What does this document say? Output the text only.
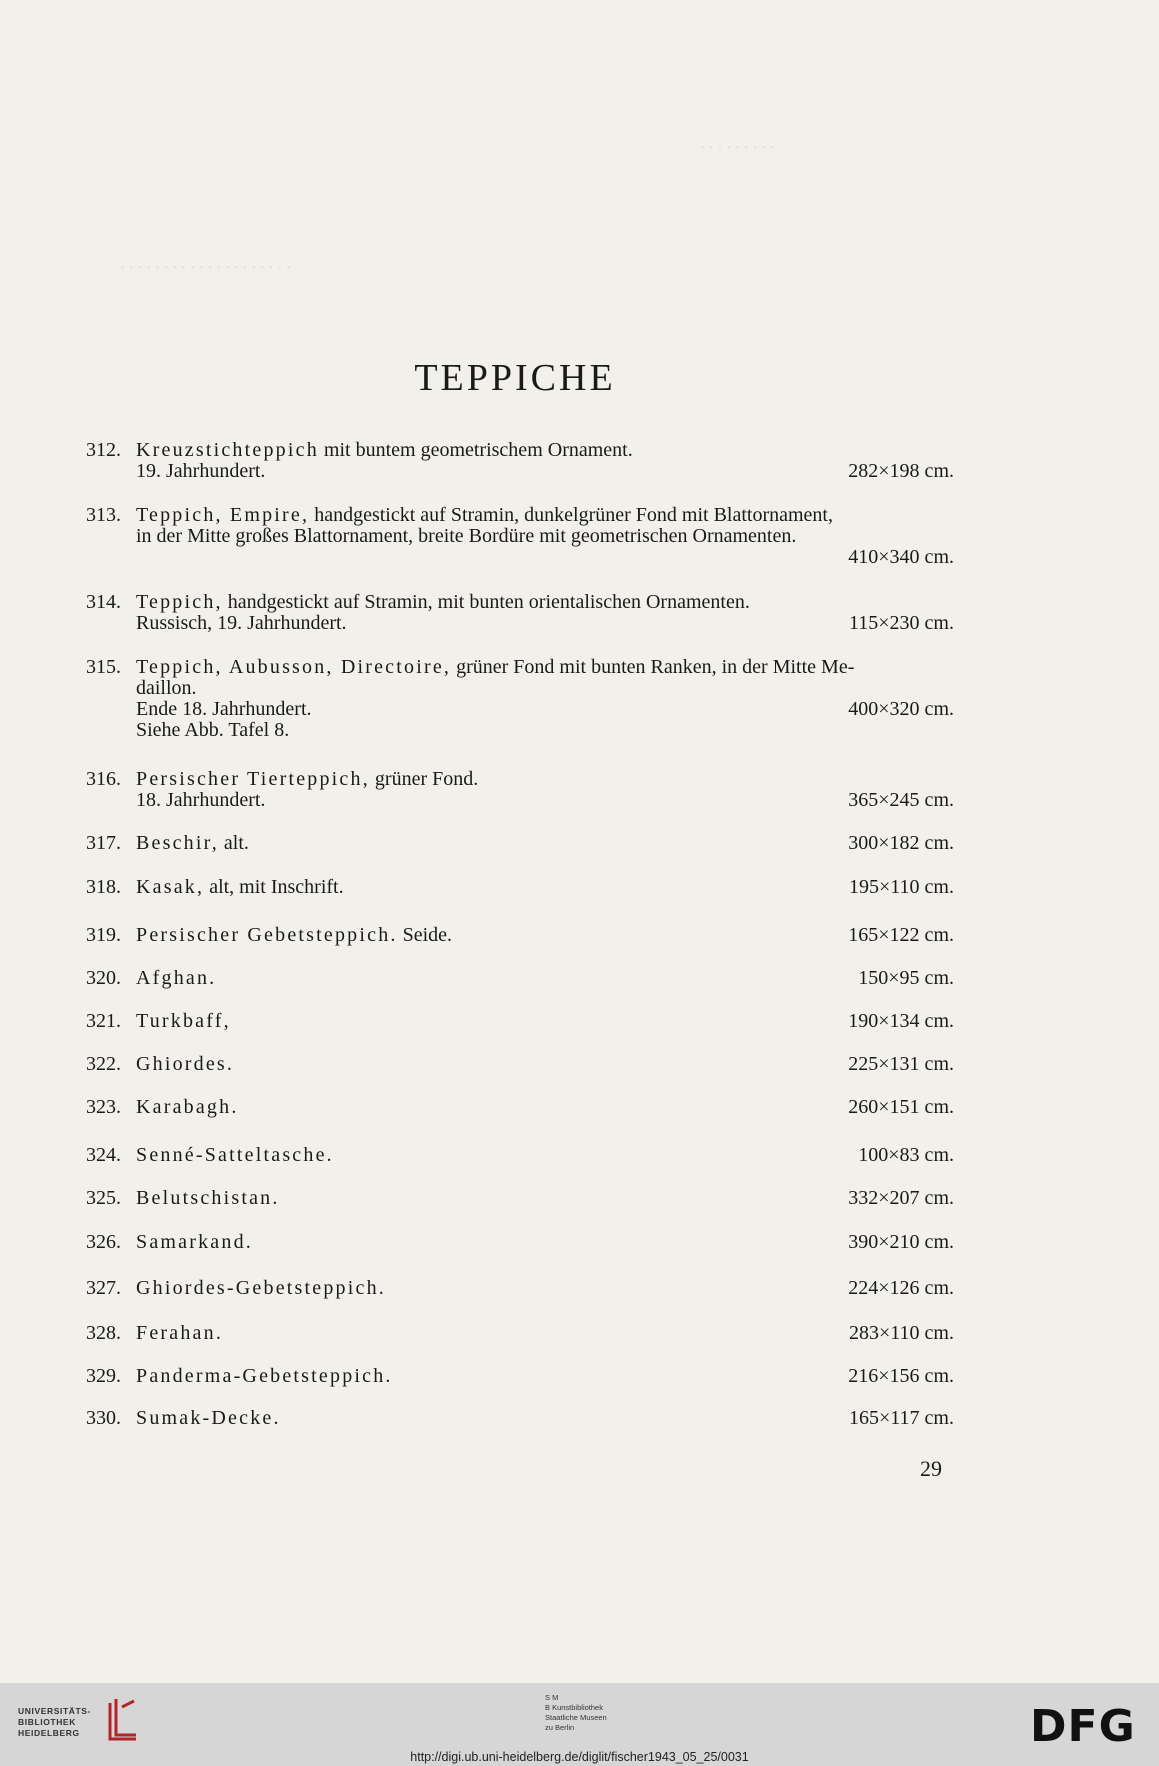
· · · · · · · · ·
· · · · · · · · · · · · · · · · · · · ·
TEPPICHE
312. Kreuzstichteppich mit buntem geometrischem Ornament.
19. Jahrhundert.	282×198 cm.
313. Teppich, Empire, handgestickt auf Stramin, dunkelgrüner Fond mit Blattornament,
in der Mitte großes Blattornament, breite Bordüre mit geometrischen Ornamenten.
410×340 cm.
314. Teppich, handgestickt auf Stramin, mit bunten orientalischen Ornamenten.
Russisch, 19. Jahrhundert.	115×230 cm.
315. Teppich, Aubusson, Directoire, grüner Fond mit bunten Ranken, in der Mitte Me-
daillon.
Ende 18. Jahrhundert.	400×320 cm.
Siehe Abb. Tafel 8.
316. Persischer Tierteppich, grüner Fond.
18. Jahrhundert.	365×245 cm.
317. Beschir, alt.	300×182 cm.
318. Kasak, alt, mit Inschrift.	195×110 cm.
319. Persischer Gebetsteppich. Seide.	165×122 cm.
320. Afghan.	150×95 cm.
321. Turkbaff,	190×134 cm.
322. Ghiordes.	225×131 cm.
323. Karabagh.	260×151 cm.
324. Senné-Satteltasche.	100×83 cm.
325. Belutschistan.	332×207 cm.
326. Samarkand.	390×210 cm.
327. Ghiordes-Gebetsteppich.	224×126 cm.
328. Ferahan.	283×110 cm.
329. Panderma-Gebetsteppich.	216×156 cm.
330. Sumak-Decke.	165×117 cm.
29
UNIVERSITÄTS-
BIBLIOTHEK
HEIDELBERG
S M
B Kunstbibliothek
Staatliche Museen
zu Berlin	DFG
http://digi.ub.uni-heidelberg.de/diglit/fischer1943_05_25/0031
